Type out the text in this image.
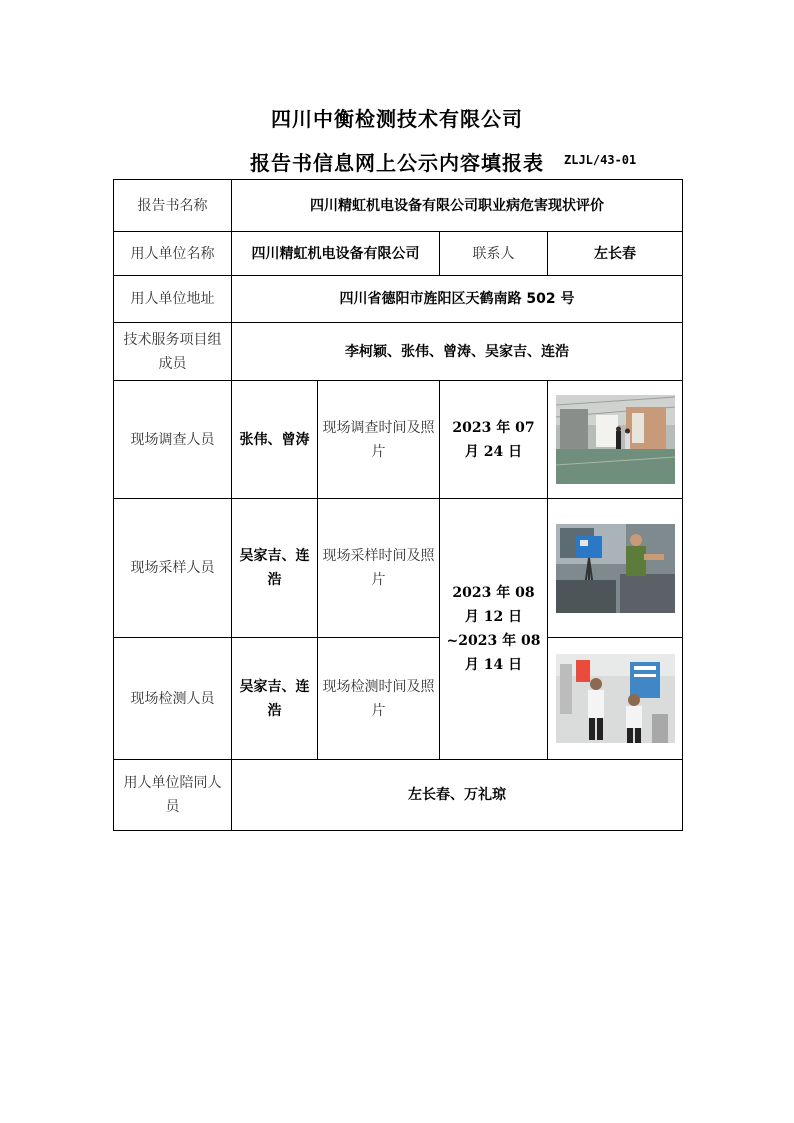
四川中衡检测技术有限公司
报告书信息网上公示内容填报表	ZLJL/43-01
报告书名称	四川精虹机电设备有限公司职业病危害现状评价			
用人单位名称	四川精虹机电设备有限公司		联系人	左长春
用人单位地址	四川省德阳市旌阳区天鹤南路 502 号			
技术服务项目组成员	李柯颖、张伟、曾涛、吴家吉、连浩			
现场调查人员	张伟、曾涛	现场调查时间及照片	2023 年 07 月 24 日	

现场采样人员	吴家吉、连浩	现场采样时间及照片	2023 年 08 月 12 日~2023 年 08 月 14 日	

现场检测人员	吴家吉、连浩	现场检测时间及照片	

用人单位陪同人员	左长春、万礼琼			
